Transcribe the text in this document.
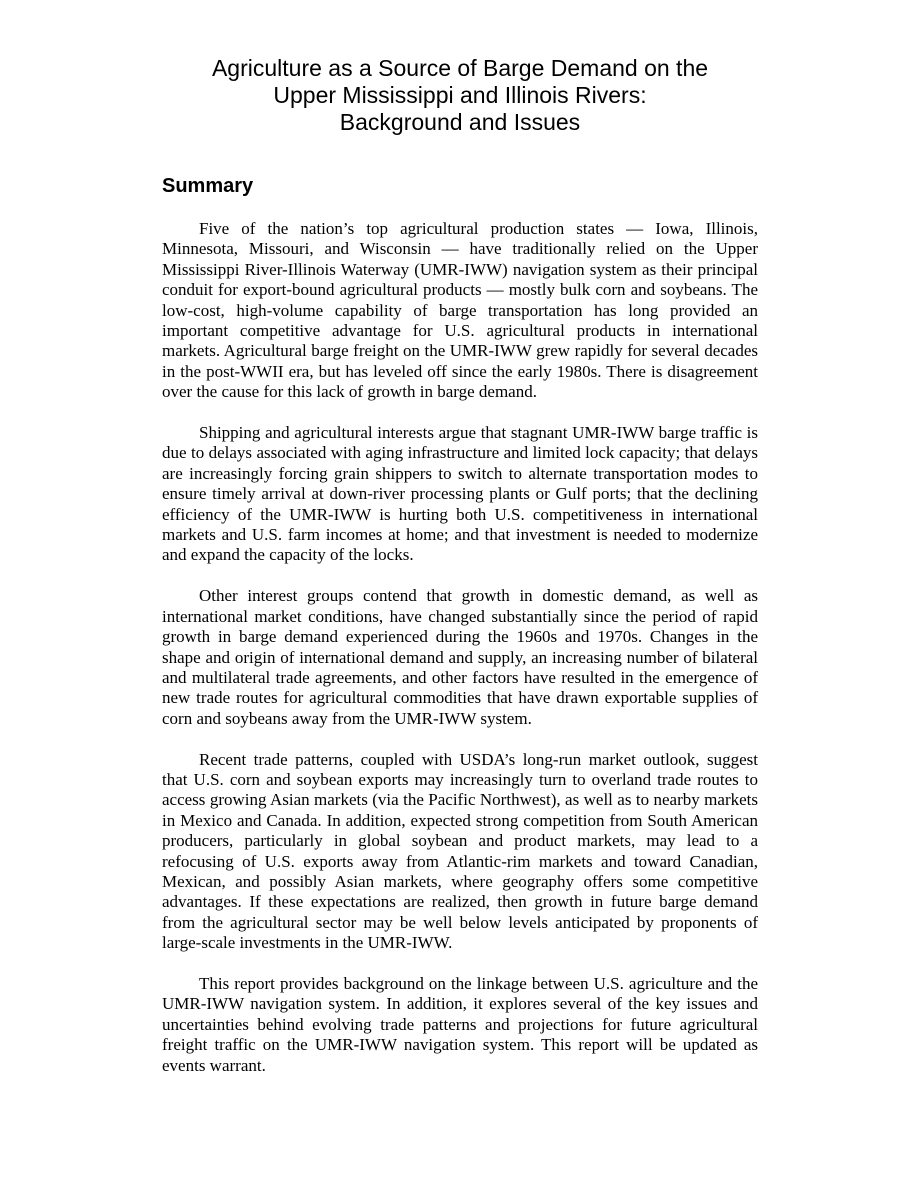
Agriculture as a Source of Barge Demand on the
Upper Mississippi and Illinois Rivers:
Background and Issues
Summary

Five of the nation’s top agricultural production states — Iowa, Illinois, Minnesota, Missouri, and Wisconsin — have traditionally relied on the Upper Mississippi River-Illinois Waterway (UMR-IWW) navigation system as their principal conduit for export-bound agricultural products — mostly bulk corn and soybeans. The low-cost, high-volume capability of barge transportation has long provided an important competitive advantage for U.S. agricultural products in international markets. Agricultural barge freight on the UMR-IWW grew rapidly for several decades in the post-WWII era, but has leveled off since the early 1980s. There is disagreement over the cause for this lack of growth in barge demand.

Shipping and agricultural interests argue that stagnant UMR-IWW barge traffic is due to delays associated with aging infrastructure and limited lock capacity; that delays are increasingly forcing grain shippers to switch to alternate transportation modes to ensure timely arrival at down-river processing plants or Gulf ports; that the declining efficiency of the UMR-IWW is hurting both U.S. competitiveness in international markets and U.S. farm incomes at home; and that investment is needed to modernize and expand the capacity of the locks.

Other interest groups contend that growth in domestic demand, as well as international market conditions, have changed substantially since the period of rapid growth in barge demand experienced during the 1960s and 1970s. Changes in the shape and origin of international demand and supply, an increasing number of bilateral and multilateral trade agreements, and other factors have resulted in the emergence of new trade routes for agricultural commodities that have drawn exportable supplies of corn and soybeans away from the UMR-IWW system.

Recent trade patterns, coupled with USDA’s long-run market outlook, suggest that U.S. corn and soybean exports may increasingly turn to overland trade routes to access growing Asian markets (via the Pacific Northwest), as well as to nearby markets in Mexico and Canada. In addition, expected strong competition from South American producers, particularly in global soybean and product markets, may lead to a refocusing of U.S. exports away from Atlantic-rim markets and toward Canadian, Mexican, and possibly Asian markets, where geography offers some competitive advantages. If these expectations are realized, then growth in future barge demand from the agricultural sector may be well below levels anticipated by proponents of large-scale investments in the UMR-IWW.

This report provides background on the linkage between U.S. agriculture and the UMR-IWW navigation system. In addition, it explores several of the key issues and uncertainties behind evolving trade patterns and projections for future agricultural freight traffic on the UMR-IWW navigation system. This report will be updated as events warrant.
